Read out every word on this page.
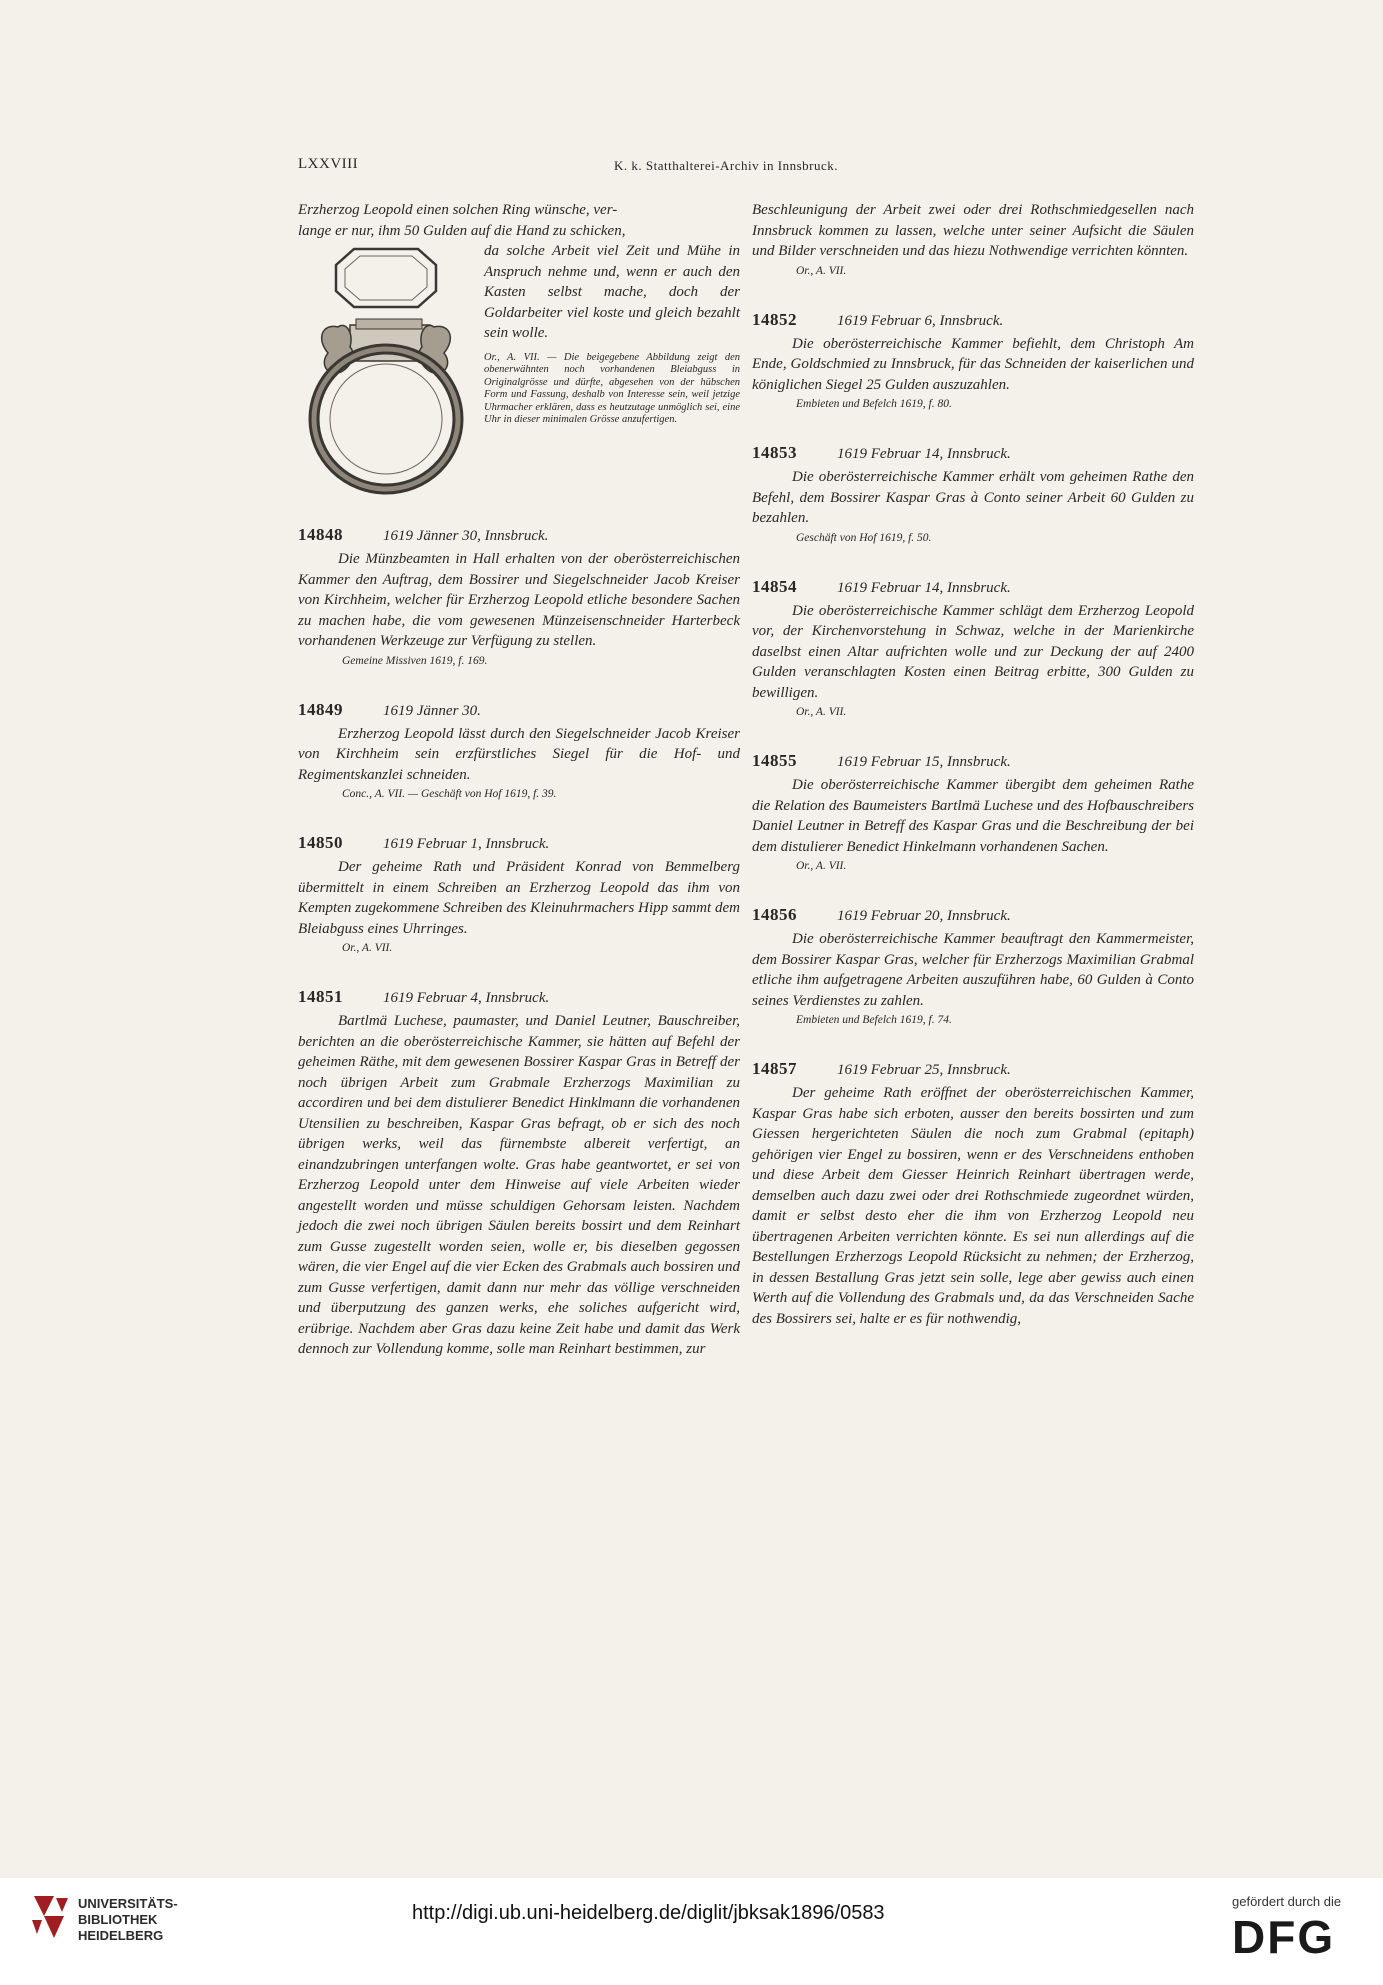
LXXVIII	K. k. Statthalterei-Archiv in Innsbruck.

Erzherzog Leopold einen solchen Ring wünsche, ver-

lange er nur, ihm 50 Gulden auf die Hand zu schicken,

da solche Arbeit viel Zeit und Mühe in Anspruch nehme und, wenn er auch den Kasten selbst mache, doch der Goldarbeiter viel koste und gleich bezahlt sein wolle.

Or., A. VII. — Die beigegebene Abbildung zeigt den obenerwähnten noch vorhandenen Bleiabguss in Originalgrösse und dürfte, abgesehen von der hübschen Form und Fassung, deshalb von Interesse sein, weil jetzige Uhrmacher erklären, dass es heutzutage unmöglich sei, eine Uhr in dieser minimalen Grösse anzufertigen.

14848	1619 Jänner 30, Innsbruck.

Die Münzbeamten in Hall erhalten von der oberösterreichischen Kammer den Auftrag, dem Bossirer und Siegelschneider Jacob Kreiser von Kirchheim, welcher für Erzherzog Leopold etliche besondere Sachen zu machen habe, die vom gewesenen Münzeisenschneider Harterbeck vorhandenen Werkzeuge zur Verfügung zu stellen.

Gemeine Missiven 1619, f. 169.

14849	1619 Jänner 30.

Erzherzog Leopold lässt durch den Siegelschneider Jacob Kreiser von Kirchheim sein erzfürstliches Siegel für die Hof- und Regimentskanzlei schneiden.

Conc., A. VII. — Geschäft von Hof 1619, f. 39.

14850	1619 Februar 1, Innsbruck.

Der geheime Rath und Präsident Konrad von Bemmelberg übermittelt in einem Schreiben an Erzherzog Leopold das ihm von Kempten zugekommene Schreiben des Kleinuhrmachers Hipp sammt dem Bleiabguss eines Uhrringes.

Or., A. VII.

14851	1619 Februar 4, Innsbruck.

Bartlmä Luchese, paumaster, und Daniel Leutner, Bauschreiber, berichten an die oberösterreichische Kammer, sie hätten auf Befehl der geheimen Räthe, mit dem gewesenen Bossirer Kaspar Gras in Betreff der noch übrigen Arbeit zum Grabmale Erzherzogs Maximilian zu accordiren und bei dem distulierer Benedict Hinklmann die vorhandenen Utensilien zu beschreiben, Kaspar Gras befragt, ob er sich des noch übrigen werks, weil das fürnembste albereit verfertigt, an einandzubringen unterfangen wolte. Gras habe geantwortet, er sei von Erzherzog Leopold unter dem Hinweise auf viele Arbeiten wieder angestellt worden und müsse schuldigen Gehorsam leisten. Nachdem jedoch die zwei noch übrigen Säulen bereits bossirt und dem Reinhart zum Gusse zugestellt worden seien, wolle er, bis dieselben gegossen wären, die vier Engel auf die vier Ecken des Grabmals auch bossiren und zum Gusse verfertigen, damit dann nur mehr das völlige verschneiden und überputzung des ganzen werks, ehe soliches aufgericht wird, erübrige. Nachdem aber Gras dazu keine Zeit habe und damit das Werk dennoch zur Vollendung komme, solle man Reinhart bestimmen, zur

Beschleunigung der Arbeit zwei oder drei Rothschmiedgesellen nach Innsbruck kommen zu lassen, welche unter seiner Aufsicht die Säulen und Bilder verschneiden und das hiezu Nothwendige verrichten könnten.

Or., A. VII.

14852	1619 Februar 6, Innsbruck.

Die oberösterreichische Kammer befiehlt, dem Christoph Am Ende, Goldschmied zu Innsbruck, für das Schneiden der kaiserlichen und königlichen Siegel 25 Gulden auszuzahlen.

Embieten und Befelch 1619, f. 80.

14853	1619 Februar 14, Innsbruck.

Die oberösterreichische Kammer erhält vom geheimen Rathe den Befehl, dem Bossirer Kaspar Gras à Conto seiner Arbeit 60 Gulden zu bezahlen.

Geschäft von Hof 1619, f. 50.

14854	1619 Februar 14, Innsbruck.

Die oberösterreichische Kammer schlägt dem Erzherzog Leopold vor, der Kirchenvorstehung in Schwaz, welche in der Marienkirche daselbst einen Altar aufrichten wolle und zur Deckung der auf 2400 Gulden veranschlagten Kosten einen Beitrag erbitte, 300 Gulden zu bewilligen.

Or., A. VII.

14855	1619 Februar 15, Innsbruck.

Die oberösterreichische Kammer übergibt dem geheimen Rathe die Relation des Baumeisters Bartlmä Luchese und des Hofbauschreibers Daniel Leutner in Betreff des Kaspar Gras und die Beschreibung der bei dem distulierer Benedict Hinkelmann vorhandenen Sachen.

Or., A. VII.

14856	1619 Februar 20, Innsbruck.

Die oberösterreichische Kammer beauftragt den Kammermeister, dem Bossirer Kaspar Gras, welcher für Erzherzogs Maximilian Grabmal etliche ihm aufgetragene Arbeiten auszuführen habe, 60 Gulden à Conto seines Verdienstes zu zahlen.

Embieten und Befelch 1619, f. 74.

14857	1619 Februar 25, Innsbruck.

Der geheime Rath eröffnet der oberösterreichischen Kammer, Kaspar Gras habe sich erboten, ausser den bereits bossirten und zum Giessen hergerichteten Säulen die noch zum Grabmal (epitaph) gehörigen vier Engel zu bossiren, wenn er des Verschneidens enthoben und diese Arbeit dem Giesser Heinrich Reinhart übertragen werde, demselben auch dazu zwei oder drei Rothschmiede zugeordnet würden, damit er selbst desto eher die ihm von Erzherzog Leopold neu übertragenen Arbeiten verrichten könnte. Es sei nun allerdings auf die Bestellungen Erzherzogs Leopold Rücksicht zu nehmen; der Erzherzog, in dessen Bestallung Gras jetzt sein solle, lege aber gewiss auch einen Werth auf die Vollendung des Grabmals und, da das Verschneiden Sache des Bossirers sei, halte er es für nothwendig,

UNIVERSITÄTS-
BIBLIOTHEK
HEIDELBERG
http://digi.ub.uni-heidelberg.de/diglit/jbksak1896/0583
gefördert durch die
DFG
